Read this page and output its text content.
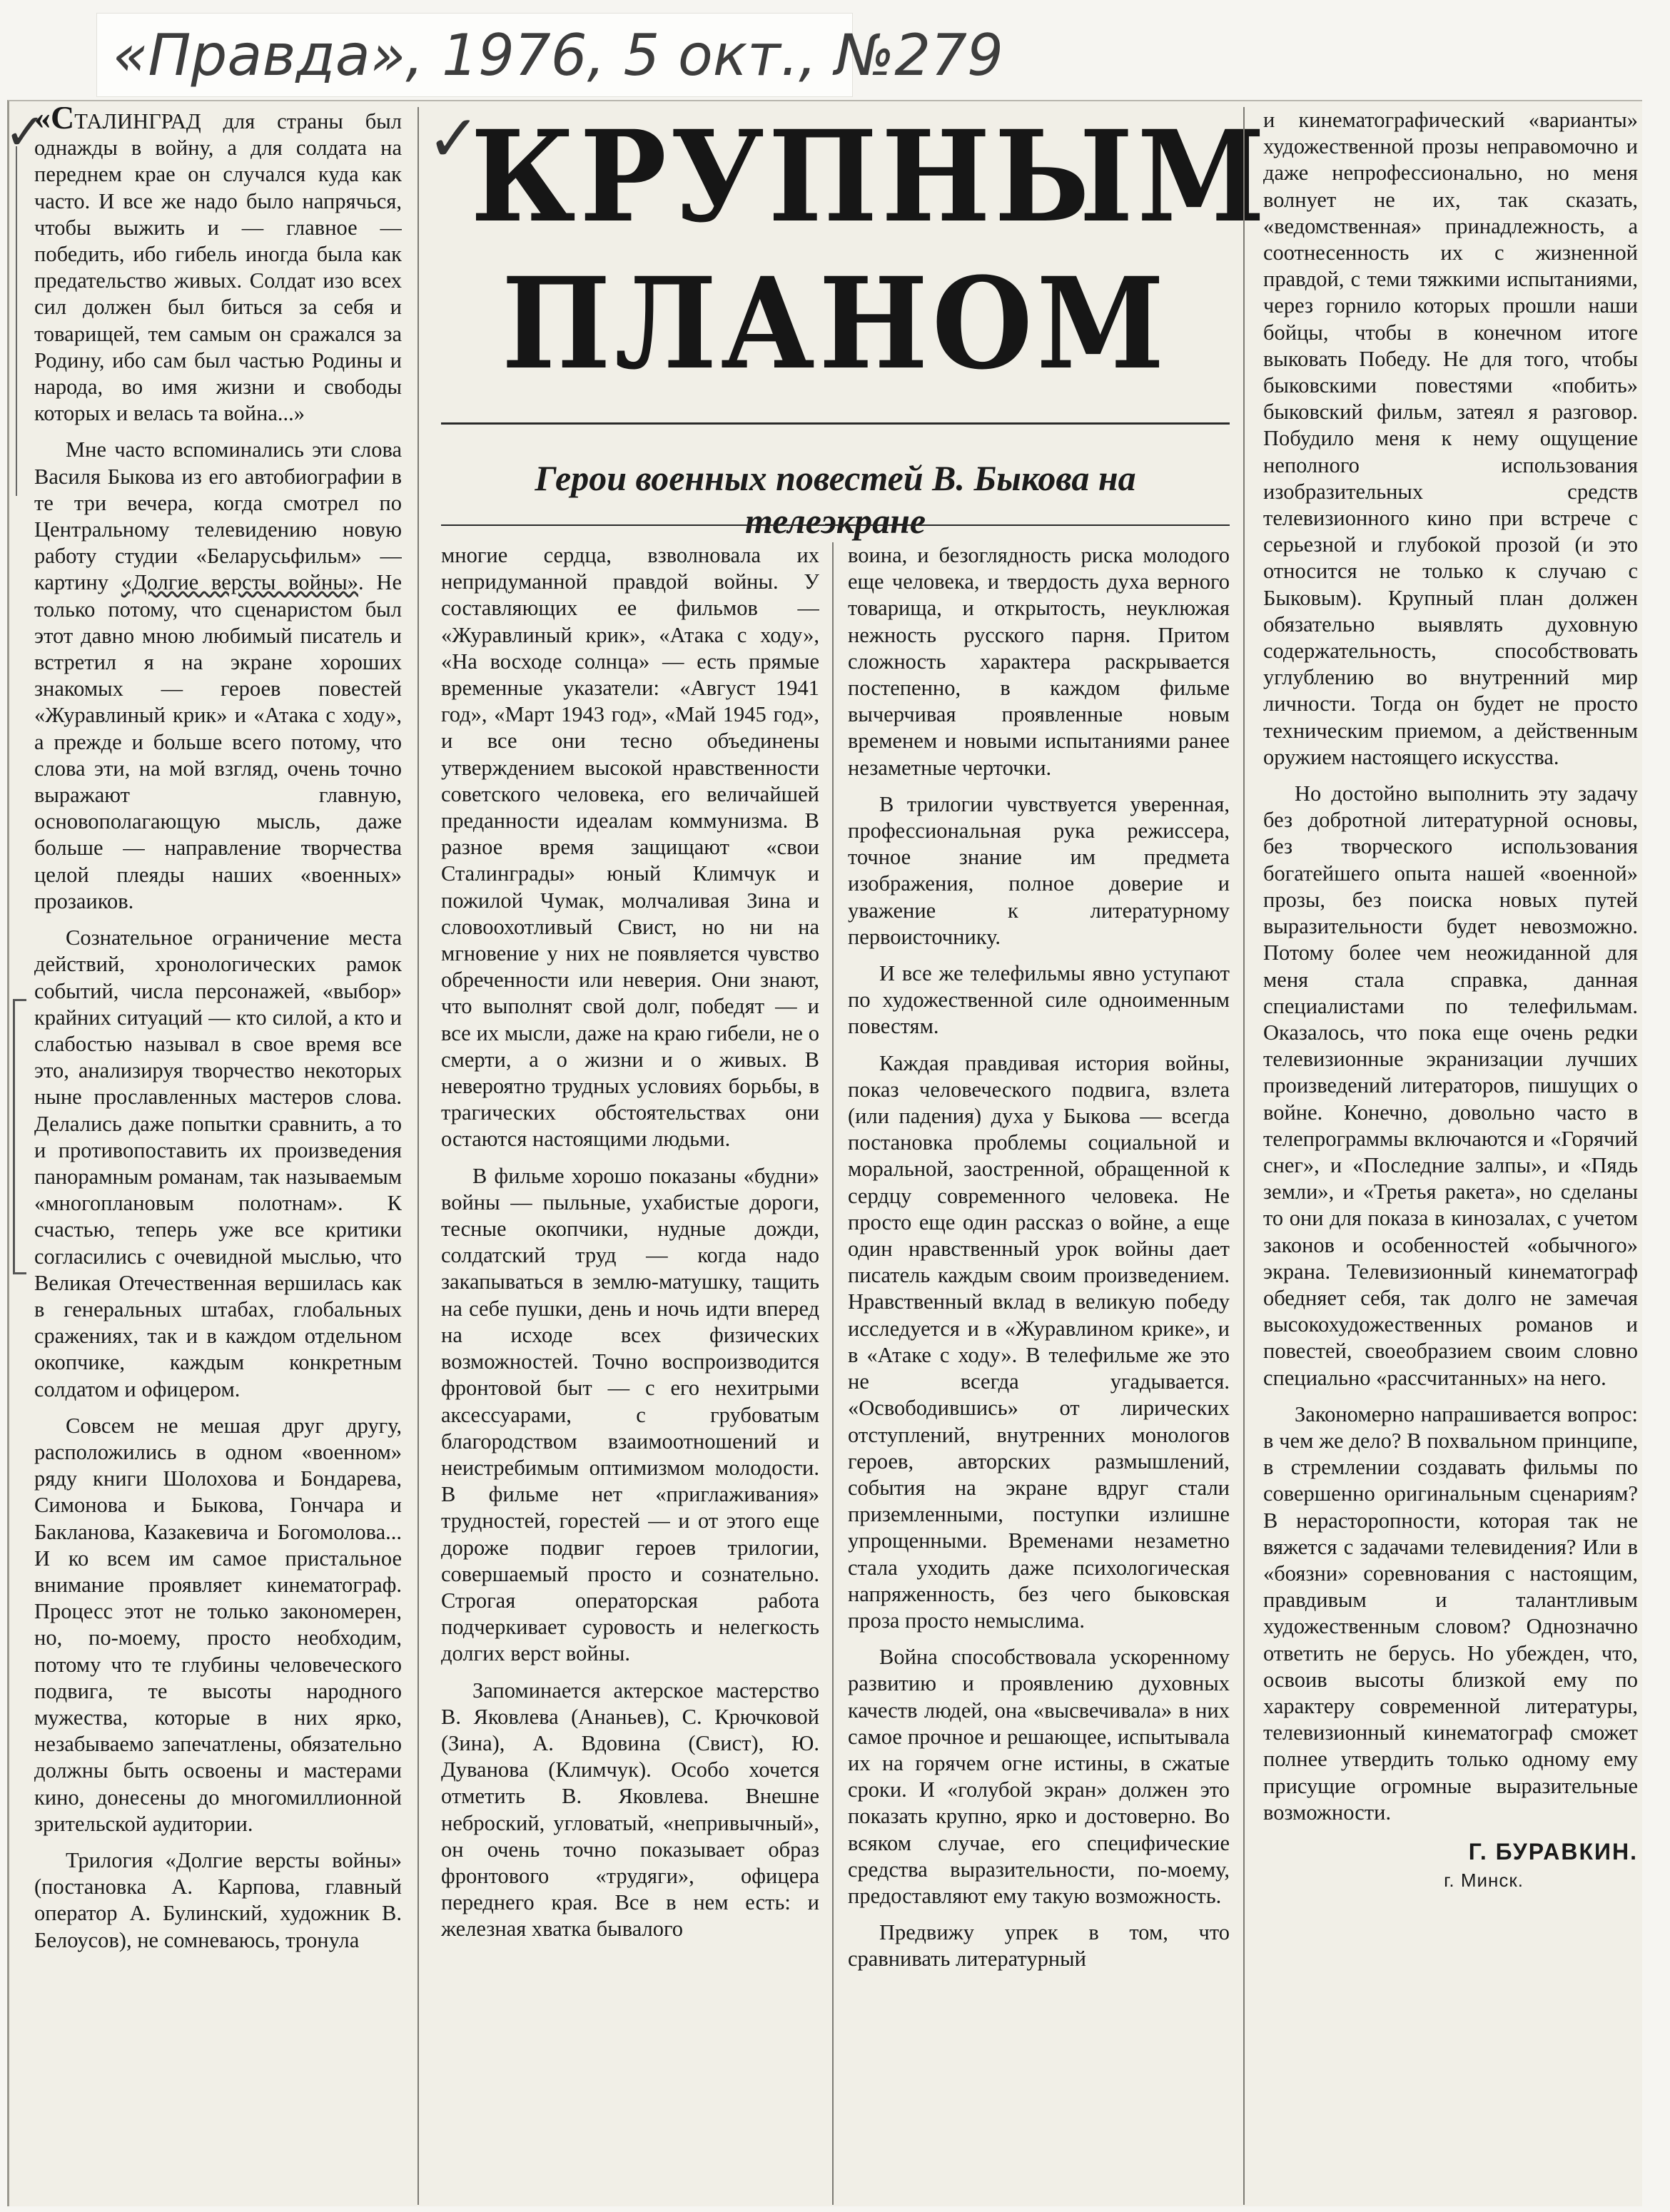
«Правда», 1976, 5 окт., №279
✓	✓
КРУПНЫМ
ПЛАНОМ
Герои военных повестей В. Быкова на телеэкране

«СТАЛИНГРАД для страны был однажды в войну, а для солдата на переднем крае он случался куда как часто. И все же надо было напрячься, чтобы выжить и — главное — победить, ибо гибель иногда была как предательство живых. Солдат изо всех сил должен был биться за себя и товарищей, тем самым он сражался за Родину, ибо сам был частью Родины и народа, во имя жизни и свободы которых и велась та война...»

Мне часто вспоминались эти слова Василя Быкова из его автобиографии в те три вечера, когда смотрел по Центральному телевидению новую работу студии «Беларусьфильм» — картину «Долгие версты войны». Не только потому, что сценаристом был этот давно мною любимый писатель и встретил я на экране хороших знакомых — героев повестей «Журавлиный крик» и «Атака с ходу», а прежде и больше всего потому, что слова эти, на мой взгляд, очень точно выражают главную, основополагающую мысль, даже больше — направление творчества целой плеяды наших «военных» прозаиков.

Сознательное ограничение места действий, хронологических рамок событий, числа персонажей, «выбор» крайних ситуаций — кто силой, а кто и слабостью называл в свое время все это, анализируя творчество некоторых ныне прославленных мастеров слова. Делались даже попытки сравнить, а то и противопоставить их произведения панорамным романам, так называемым «многоплановым полотнам». К счастью, теперь уже все критики согласились с очевидной мыслью, что Великая Отечественная вершилась как в генеральных штабах, глобальных сражениях, так и в каждом отдельном окопчике, каждым конкретным солдатом и офицером.

Совсем не мешая друг другу, расположились в одном «военном» ряду книги Шолохова и Бондарева, Симонова и Быкова, Гончара и Бакланова, Казакевича и Богомолова... И ко всем им самое пристальное внимание проявляет кинематограф. Процесс этот не только закономерен, но, по-моему, просто необходим, потому что те глубины человеческого подвига, те высоты народного мужества, которые в них ярко, незабываемо запечатлены, обязательно должны быть освоены и мастерами кино, донесены до многомиллионной зрительской аудитории.

Трилогия «Долгие версты войны» (постановка А. Карпова, главный оператор А. Булинский, художник В. Белоусов), не сомневаюсь, тронула

многие сердца, взволновала их непридуманной правдой войны. У составляющих ее фильмов — «Журавлиный крик», «Атака с ходу», «На восходе солнца» — есть прямые временные указатели: «Август 1941 год», «Март 1943 год», «Май 1945 год», и все они тесно объединены утверждением высокой нравственности советского человека, его величайшей преданности идеалам коммунизма. В разное время защищают «свои Сталинграды» юный Климчук и пожилой Чумак, молчаливая Зина и словоохотливый Свист, но ни на мгновение у них не появляется чувство обреченности или неверия. Они знают, что выполнят свой долг, победят — и все их мысли, даже на краю гибели, не о смерти, а о жизни и о живых. В невероятно трудных условиях борьбы, в трагических обстоятельствах они остаются настоящими людьми.

В фильме хорошо показаны «будни» войны — пыльные, ухабистые дороги, тесные окопчики, нудные дожди, солдатский труд — когда надо закапываться в землю-матушку, тащить на себе пушки, день и ночь идти вперед на исходе всех физических возможностей. Точно воспроизводится фронтовой быт — с его нехитрыми аксессуарами, с грубоватым благородством взаимоотношений и неистребимым оптимизмом молодости. В фильме нет «приглаживания» трудностей, горестей — и от этого еще дороже подвиг героев трилогии, совершаемый просто и сознательно. Строгая операторская работа подчеркивает суровость и нелегкость долгих верст войны.

Запоминается актерское мастерство В. Яковлева (Ананьев), С. Крючковой (Зина), А. Вдовина (Свист), Ю. Дуванова (Климчук). Особо хочется отметить В. Яковлева. Внешне неброский, угловатый, «непривычный», он очень точно показывает образ фронтового «трудяги», офицера переднего края. Все в нем есть: и железная хватка бывалого

воина, и безоглядность риска молодого еще человека, и твердость духа верного товарища, и открытость, неуклюжая нежность русского парня. Притом сложность характера раскрывается постепенно, в каждом фильме вычерчивая проявленные новым временем и новыми испытаниями ранее незаметные черточки.

В трилогии чувствуется уверенная, профессиональная рука режиссера, точное знание им предмета изображения, полное доверие и уважение к литературному первоисточнику.

И все же телефильмы явно уступают по художественной силе одноименным повестям.

Каждая правдивая история войны, показ человеческого подвига, взлета (или падения) духа у Быкова — всегда постановка проблемы социальной и моральной, заостренной, обращенной к сердцу современного человека. Не просто еще один рассказ о войне, а еще один нравственный урок войны дает писатель каждым своим произведением. Нравственный вклад в великую победу исследуется и в «Журавлином крике», и в «Атаке с ходу». В телефильме же это не всегда угадывается. «Освободившись» от лирических отступлений, внутренних монологов героев, авторских размышлений, события на экране вдруг стали приземленными, поступки излишне упрощенными. Временами незаметно стала уходить даже психологическая напряженность, без чего быковская проза просто немыслима.

Война способствовала ускоренному развитию и проявлению духовных качеств людей, она «высвечивала» в них самое прочное и решающее, испытывала их на горячем огне истины, в сжатые сроки. И «голубой экран» должен это показать крупно, ярко и достоверно. Во всяком случае, его специфические средства выразительности, по-моему, предоставляют ему такую возможность.

Предвижу упрек в том, что сравнивать литературный

и кинематографический «варианты» художественной прозы неправомочно и даже непрофессионально, но меня волнует не их, так сказать, «ведомственная» принадлежность, а соотнесенность их с жизненной правдой, с теми тяжкими испытаниями, через горнило которых прошли наши бойцы, чтобы в конечном итоге выковать Победу. Не для того, чтобы быковскими повестями «побить» быковский фильм, затеял я разговор. Побудило меня к нему ощущение неполного использования изобразительных средств телевизионного кино при встрече с серьезной и глубокой прозой (и это относится не только к случаю с Быковым). Крупный план должен обязательно выявлять духовную содержательность, способствовать углублению во внутренний мир личности. Тогда он будет не просто техническим приемом, а действенным оружием настоящего искусства.

Но достойно выполнить эту задачу без добротной литературной основы, без творческого использования богатейшего опыта нашей «военной» прозы, без поиска новых путей выразительности будет невозможно. Потому более чем неожиданной для меня стала справка, данная специалистами по телефильмам. Оказалось, что пока еще очень редки телевизионные экранизации лучших произведений литераторов, пишущих о войне. Конечно, довольно часто в телепрограммы включаются и «Горячий снег», и «Последние залпы», и «Пядь земли», и «Третья ракета», но сделаны то они для показа в кинозалах, с учетом законов и особенностей «обычного» экрана. Телевизионный кинематограф обедняет себя, так долго не замечая высокохудожественных романов и повестей, своеобразием своим словно специально «рассчитанных» на него.

Закономерно напрашивается вопрос: в чем же дело? В похвальном принципе, в стремлении создавать фильмы по совершенно оригинальным сценариям? В нерасторопности, которая так не вяжется с задачами телевидения? Или в «боязни» соревнования с настоящим, правдивым и талантливым художественным словом? Однозначно ответить не берусь. Но убежден, что, освоив высоты близкой ему по характеру современной литературы, телевизионный кинематограф сможет полнее утвердить только одному ему присущие огромные выразительные возможности.

Г. БУРАВКИН.
г. Минск.
